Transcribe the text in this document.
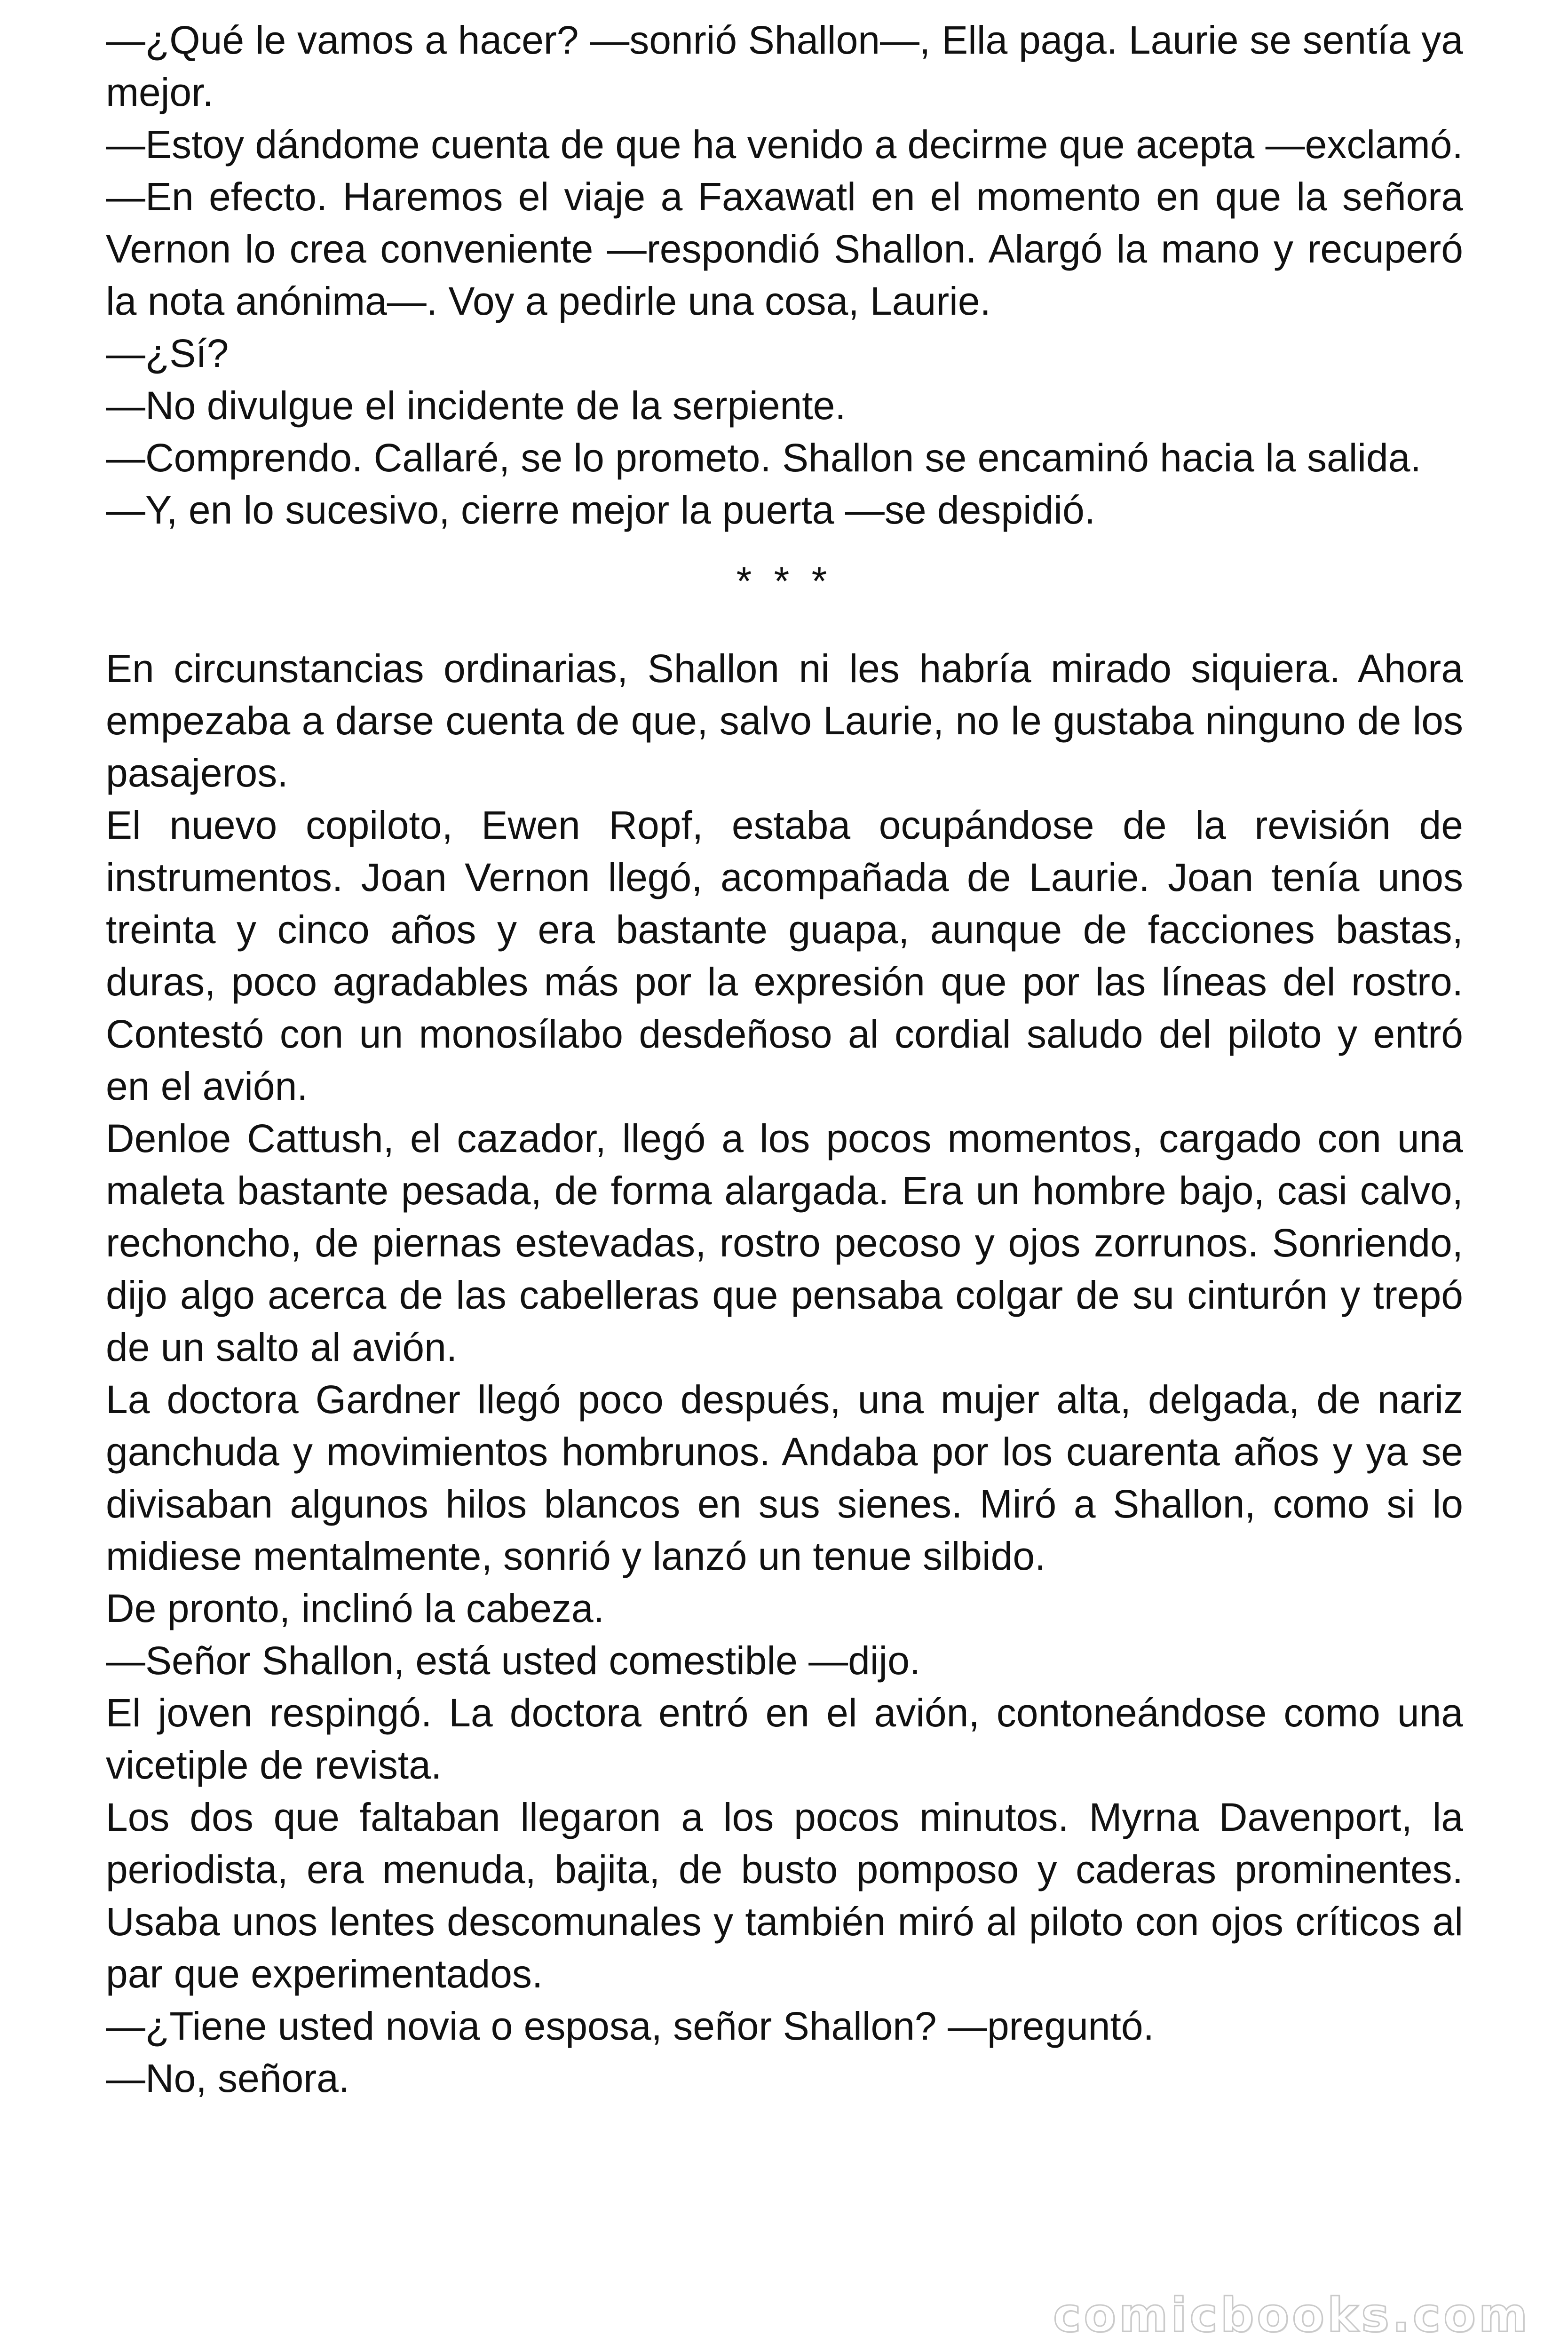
—¿Qué le vamos a hacer? —sonrió Shallon—, Ella paga. Laurie se sentía ya mejor.

—Estoy dándome cuenta de que ha venido a decirme que acepta —exclamó.

—En efecto. Haremos el viaje a Faxawatl en el momento en que la señora Vernon lo crea conveniente —respondió Shallon. Alargó la mano y recuperó la nota anónima—. Voy a pedirle una cosa, Laurie.

—¿Sí?

—No divulgue el incidente de la serpiente.

—Comprendo. Callaré, se lo prometo. Shallon se encaminó hacia la salida.

—Y, en lo sucesivo, cierre mejor la puerta —se despidió.

* * *

En circunstancias ordinarias, Shallon ni les habría mirado siquiera. Ahora empezaba a darse cuenta de que, salvo Laurie, no le gustaba ninguno de los pasajeros.

El nuevo copiloto, Ewen Ropf, estaba ocupándose de la revisión de instrumentos. Joan Vernon llegó, acompañada de Laurie. Joan tenía unos treinta y cinco años y era bastante guapa, aunque de facciones bastas, duras, poco agradables más por la expresión que por las líneas del rostro. Contestó con un monosílabo desdeñoso al cordial saludo del piloto y entró en el avión.

Denloe Cattush, el cazador, llegó a los pocos momentos, cargado con una maleta bastante pesada, de forma alargada. Era un hombre bajo, casi calvo, rechoncho, de piernas estevadas, rostro pecoso y ojos zorrunos. Sonriendo, dijo algo acerca de las cabelleras que pensaba colgar de su cinturón y trepó de un salto al avión.

La doctora Gardner llegó poco después, una mujer alta, delgada, de nariz ganchuda y movimientos hombrunos. Andaba por los cuarenta años y ya se divisaban algunos hilos blancos en sus sienes. Miró a Shallon, como si lo midiese mentalmente, sonrió y lanzó un tenue silbido.

De pronto, inclinó la cabeza.

—Señor Shallon, está usted comestible —dijo.

El joven respingó. La doctora entró en el avión, contoneándose como una vicetiple de revista.

Los dos que faltaban llegaron a los pocos minutos. Myrna Davenport, la periodista, era menuda, bajita, de busto pomposo y caderas prominentes. Usaba unos lentes descomunales y también miró al piloto con ojos críticos al par que experimentados.

—¿Tiene usted novia o esposa, señor Shallon? —preguntó.

—No, señora.

comicbooks.com
